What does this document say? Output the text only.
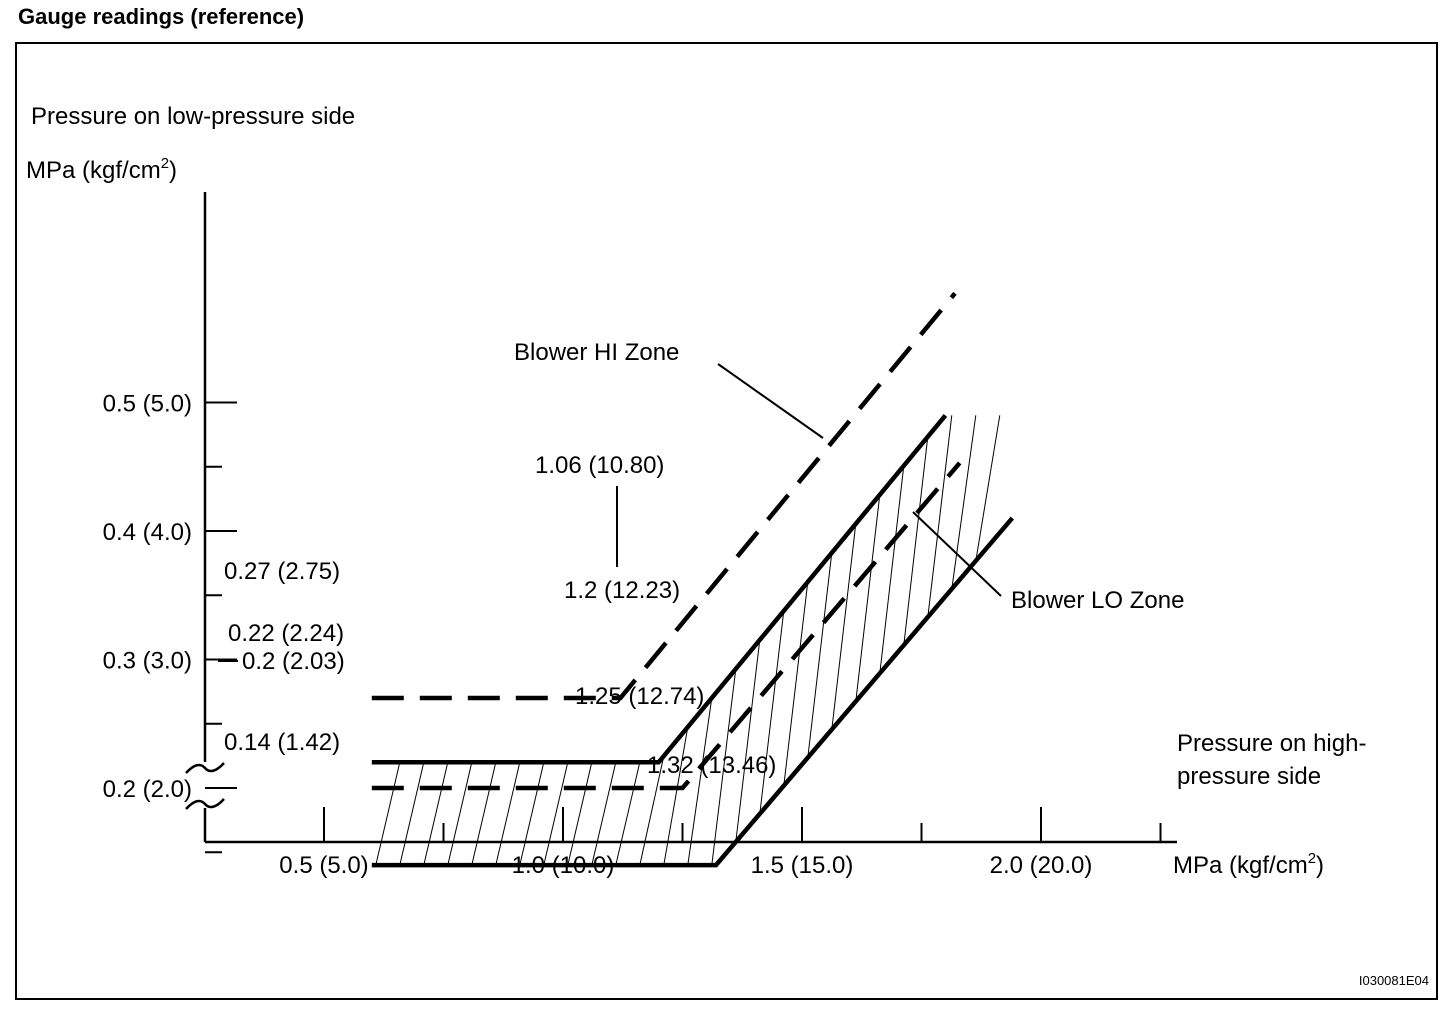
Gauge readings (reference)
Pressure on low-pressure side
MPa $(kgf/cm^2)$
0.5 (5.0)
0.4 (4.0)
0.3 (3.0)
0.2 (2.0)
0.5 (5.0)	1.0 (10.0)	1.5 (15.0)	2.0 (20.0)
Blower HI Zone
Blower LO Zone
1.06 (10.80)
0.27 (2.75)
1.2 (12.23)
0.22 (2.24)
0.2 (2.03)
1.25 (12.74)
0.14 (1.42)
1.32 (13.46)
Pressure on high-
pressure side
MPa $(kgf/cm^2)$
I030081E04
